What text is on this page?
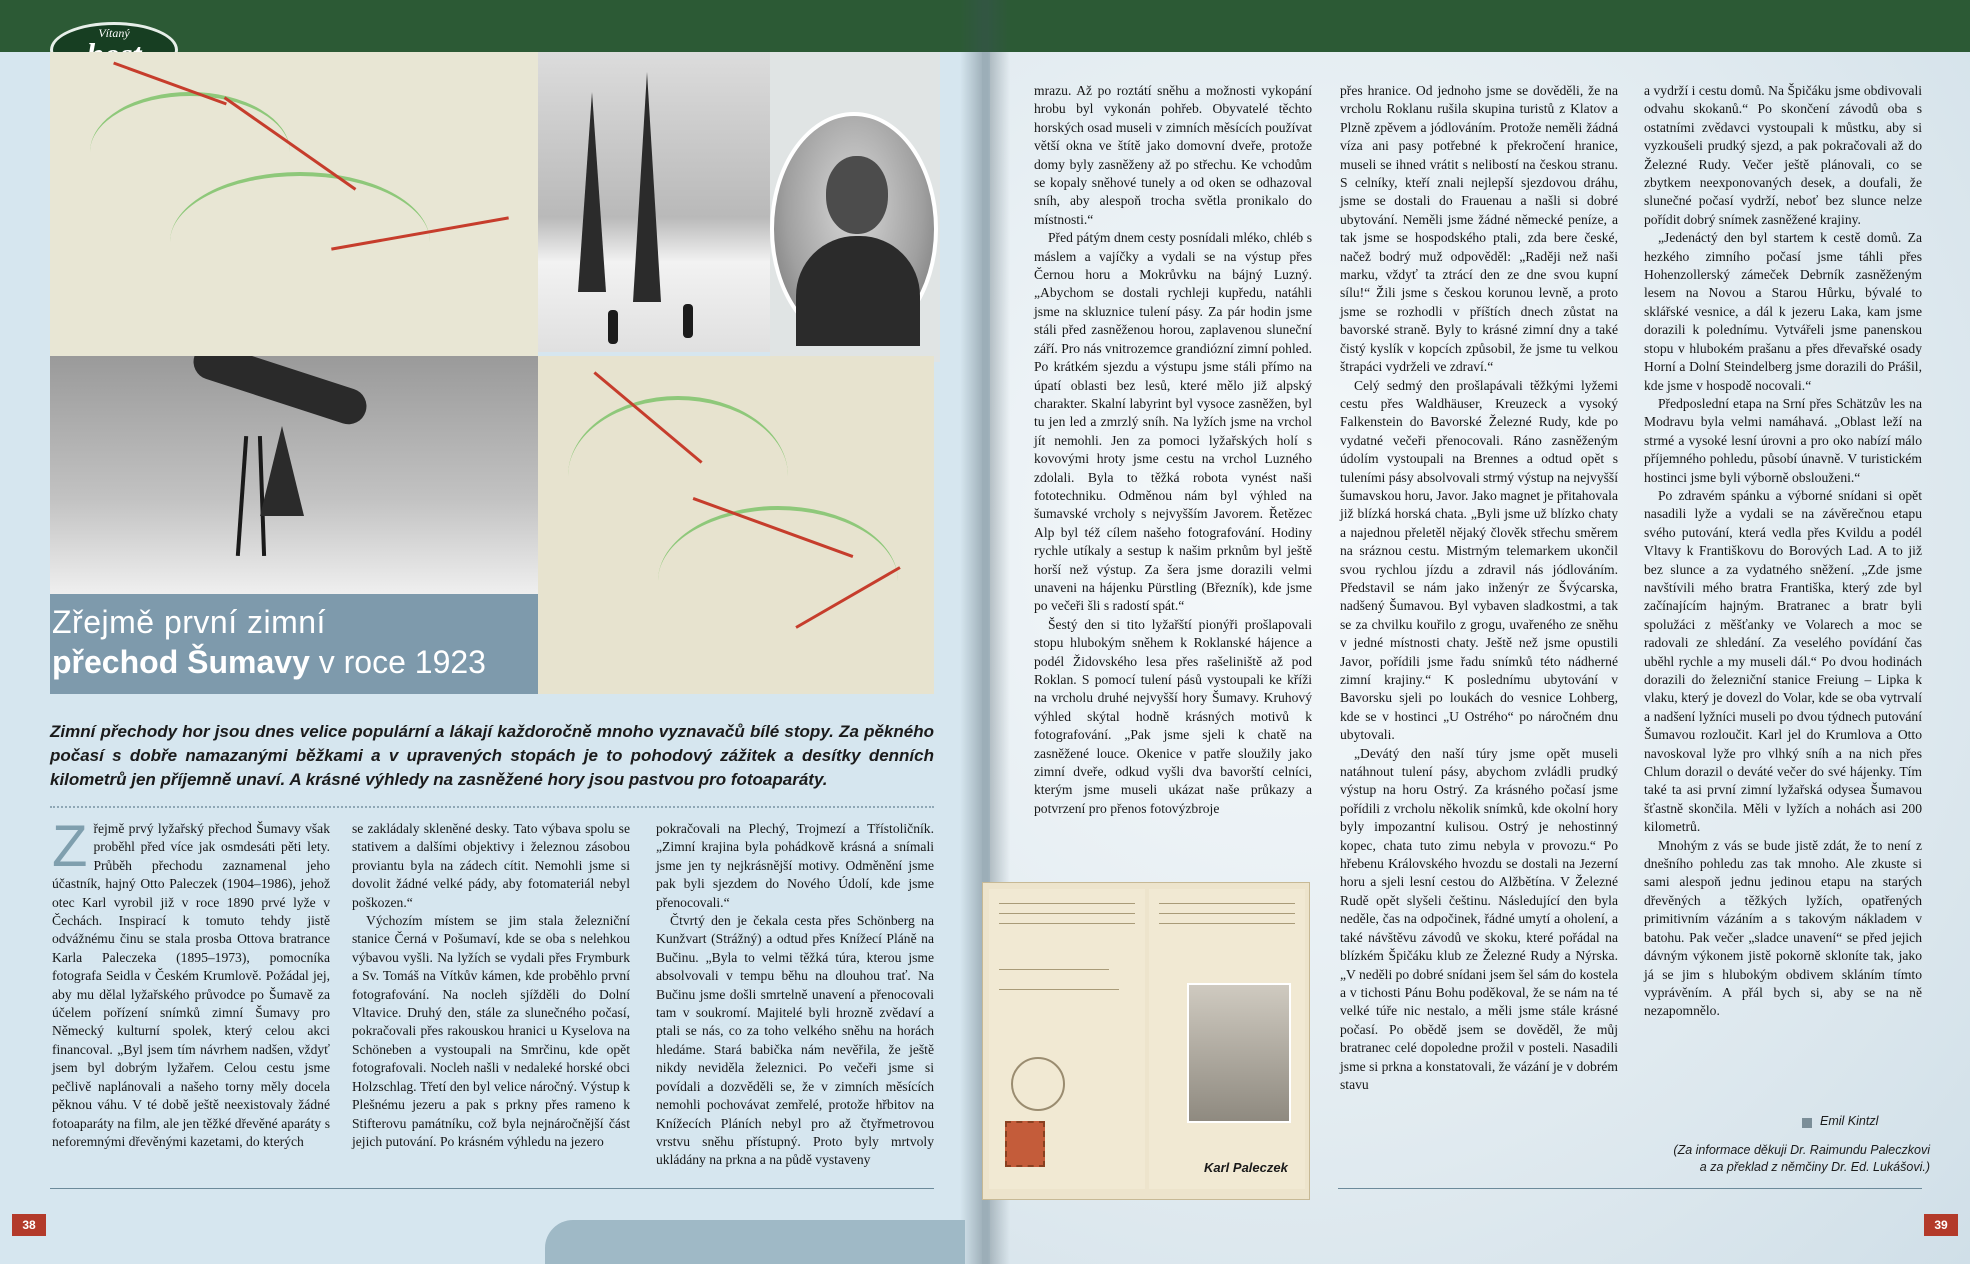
Vítaný
Zřejmě první zimní
přechod Šumavy v roce 1923
Zimní přechody hor jsou dnes velice populární a lákají každoročně mnoho vyznavačů bílé stopy. Za pěkného počasí s dobře namazanými běžkami a v upravených stopách je to pohodový zážitek a desítky denních kilometrů jen příjemně unaví. A krásné výhledy na zasněžené hory jsou pastvou pro fotoaparáty.

Zřejmě prvý lyžařský přechod Šumavy však proběhl před více jak osmdesáti pěti lety. Průběh přechodu zaznamenal jeho účastník, hajný Otto Paleczek (1904–1986), jehož otec Karl vyrobil již v roce 1890 prvé lyže v Čechách. Inspirací k tomuto tehdy jistě odvážnému činu se stala prosba Ottova bratrance Karla Paleczeka (1895–1973), pomocníka fotografa Seidla v Českém Krumlově. Požádal jej, aby mu dělal lyžařského průvodce po Šumavě za účelem pořízení snímků zimní Šumavy pro Německý kulturní spolek, který celou akci financoval. „Byl jsem tím návrhem nadšen, vždyť jsem byl dobrým lyžařem. Celou cestu jsme pečlivě naplánovali a našeho torny měly docela pěknou váhu. V té době ještě neexistovaly žádné fotoaparáty na film, ale jen těžké dřevěné aparáty s neforemnými dřevěnými kazetami, do kterých

se zakládaly skleněné desky. Tato výbava spolu se stativem a dalšími objektivy i železnou zásobou proviantu byla na zádech cítit. Nemohli jsme si dovolit žádné velké pády, aby fotomateriál nebyl poškozen.“

Výchozím místem se jim stala železniční stanice Černá v Pošumaví, kde se oba s nelehkou výbavou vyšli. Na lyžích se vydali přes Frymburk a Sv. Tomáš na Vítkův kámen, kde proběhlo první fotografování. Na nocleh sjížděli do Dolní Vltavice. Druhý den, stále za slunečného počasí, pokračovali přes rakouskou hranici u Kyselova na Schöneben a vystoupali na Smrčinu, kde opět fotografovali. Nocleh našli v nedaleké horské obci Holzschlag. Třetí den byl velice náročný. Výstup k Plešnému jezeru a pak s prkny přes rameno k Stifterovu památníku, což byla nejnáročnější část jejich putování. Po krásném výhledu na jezero

pokračovali na Plechý, Trojmezí a Třístoličník. „Zimní krajina byla pohádkově krásná a snímali jsme jen ty nejkrásnější motivy. Odměnění jsme pak byli sjezdem do Nového Údolí, kde jsme přenocovali.“

Čtvrtý den je čekala cesta přes Schönberg na Kunžvart (Strážný) a odtud přes Knížecí Pláně na Bučinu. „Byla to velmi těžká túra, kterou jsme absolvovali v tempu běhu na dlouhou trať. Na Bučinu jsme došli smrtelně unavení a přenocovali tam v soukromí. Majitelé byli hrozně zvědaví a ptali se nás, co za toho velkého sněhu na horách hledáme. Stará babička nám nevěřila, že ještě nikdy neviděla železnici. Po večeři jsme si povídali a dozvěděli se, že v zimních měsících nemohli pochovávat zemřelé, protože hřbitov na Knížecích Pláních nebyl pro až čtyřmetrovou vrstvu sněhu přístupný. Proto byly mrtvoly ukládány na prkna a na půdě vystaveny

mrazu. Až po roztátí sněhu a možnosti vykopání hrobu byl vykonán pohřeb. Obyvatelé těchto horských osad museli v zimních měsících používat větší okna ve štítě jako domovní dveře, protože domy byly zasněženy až po střechu. Ke vchodům se kopaly sněhové tunely a od oken se odhazoval sníh, aby alespoň trocha světla pronikalo do místnosti.“

Před pátým dnem cesty posnídali mléko, chléb s máslem a vajíčky a vydali se na výstup přes Černou horu a Mokrůvku na bájný Luzný. „Abychom se dostali rychleji kupředu, natáhli jsme na skluznice tulení pásy. Za pár hodin jsme stáli před zasněženou horou, zaplavenou sluneční září. Pro nás vnitrozemce grandiózní zimní pohled. Po krátkém sjezdu a výstupu jsme stáli přímo na úpatí oblasti bez lesů, které mělo již alpský charakter. Skalní labyrint byl vysoce zasněžen, byl tu jen led a zmrzlý sníh. Na lyžích jsme na vrchol jít nemohli. Jen za pomoci lyžařských holí s kovovými hroty jsme cestu na vrchol Luzného zdolali. Byla to těžká robota vynést naši fototechniku. Odměnou nám byl výhled na šumavské vrcholy s nejvyšším Javorem. Řetězec Alp byl též cílem našeho fotografování. Hodiny rychle utíkaly a sestup k našim prknům byl ještě horší než výstup. Za šera jsme dorazili velmi unaveni na hájenku Pürstling (Březník), kde jsme po večeři šli s radostí spát.“

Šestý den si tito lyžařští pionýři prošlapovali stopu hlubokým sněhem k Roklanské hájence a podél Židovského lesa přes rašeliniště až pod Roklan. S pomocí tulení pásů vystoupali ke kříži na vrcholu druhé nejvyšší hory Šumavy. Kruhový výhled skýtal hodně krásných motivů k fotografování. „Pak jsme sjeli k chatě na zasněžené louce. Okenice v patře sloužily jako zimní dveře, odkud vyšli dva bavorští celníci, kterým jsme museli ukázat naše průkazy a potvrzení pro přenos fotovýzbroje

přes hranice. Od jednoho jsme se dověděli, že na vrcholu Roklanu rušila skupina turistů z Klatov a Plzně zpěvem a jódlováním. Protože neměli žádná víza ani pasy potřebné k překročení hranice, museli se ihned vrátit s nelibostí na českou stranu. S celníky, kteří znali nejlepší sjezdovou dráhu, jsme se dostali do Frauenau a našli si dobré ubytování. Neměli jsme žádné německé peníze, a tak jsme se hospodského ptali, zda bere české, načež bodrý muž odpověděl: „Raději než naši marku, vždyť ta ztrácí den ze dne svou kupní sílu!“ Žili jsme s českou korunou levně, a proto jsme se rozhodli v příštích dnech zůstat na bavorské straně. Byly to krásné zimní dny a také čistý kyslík v kopcích způsobil, že jsme tu velkou štrapáci vydrželi ve zdraví.“

Celý sedmý den prošlapávali těžkými lyžemi cestu přes Waldhäuser, Kreuzeck a vysoký Falkenstein do Bavorské Železné Rudy, kde po vydatné večeři přenocovali. Ráno zasněženým údolím vystoupali na Brennes a odtud opět s tuleními pásy absolvovali strmý výstup na nejvyšší šumavskou horu, Javor. Jako magnet je přitahovala již blízká horská chata. „Byli jsme už blízko chaty a najednou přeletěl nějaký člověk střechu směrem na sráznou cestu. Mistrným telemarkem ukončil svou rychlou jízdu a zdravil nás jódlováním. Představil se nám jako inženýr ze Švýcarska, nadšený Šumavou. Byl vybaven sladkostmi, a tak se za chvilku kouřilo z grogu, uvařeného ze sněhu v jedné místnosti chaty. Ještě než jsme opustili Javor, pořídili jsme řadu snímků této nádherné zimní krajiny.“ K poslednímu ubytování v Bavorsku sjeli po loukách do vesnice Lohberg, kde se v hostinci „U Ostrého“ po náročném dnu ubytovali.

„Devátý den naší túry jsme opět museli natáhnout tulení pásy, abychom zvládli prudký výstup na horu Ostrý. Za krásného počasí jsme pořídili z vrcholu několik snímků, kde okolní hory byly impozantní kulisou. Ostrý je nehostinný kopec, chata tuto zimu nebyla v provozu.“ Po hřebenu Královského hvozdu se dostali na Jezerní horu a sjeli lesní cestou do Alžbětína. V Železné Rudě opět slyšeli češtinu. Následující den byla neděle, čas na odpočinek, řádné umytí a oholení, a také návštěvu závodů ve skoku, které pořádal na blízkém Špičáku klub ze Železné Rudy a Nýrska. „V neděli po dobré snídani jsem šel sám do kostela a v tichosti Pánu Bohu poděkoval, že se nám na té velké túře nic nestalo, a měli jsme stále krásné počasí. Po obědě jsem se dověděl, že můj bratranec celé dopoledne prožil v posteli. Nasadili jsme si prkna a konstatovali, že vázání je v dobrém stavu

a vydrží i cestu domů. Na Špičáku jsme obdivovali odvahu skokanů.“ Po skončení závodů oba s ostatními zvědavci vystoupali k můstku, aby si vyzkoušeli prudký sjezd, a pak pokračovali až do Železné Rudy. Večer ještě plánovali, co se zbytkem neexponovaných desek, a doufali, že slunečné počasí vydrží, neboť bez slunce nelze pořídit dobrý snímek zasněžené krajiny.

„Jedenáctý den byl startem k cestě domů. Za hezkého zimního počasí jsme táhli přes Hohenzollerský zámeček Debrník zasněženým lesem na Novou a Starou Hůrku, bývalé to sklářské vesnice, a dál k jezeru Laka, kam jsme dorazili k polednímu. Vytvářeli jsme panenskou stopu v hlubokém prašanu a přes dřevařské osady Horní a Dolní Steindelberg jsme dorazili do Prášil, kde jsme v hospodě nocovali.“

Předposlední etapa na Srní přes Schätzův les na Modravu byla velmi namáhavá. „Oblast leží na strmé a vysoké lesní úrovni a pro oko nabízí málo příjemného pohledu, působí únavně. V turistickém hostinci jsme byli výborně obslouženi.“

Po zdravém spánku a výborné snídani si opět nasadili lyže a vydali se na závěrečnou etapu svého putování, která vedla přes Kvildu a podél Vltavy k Františkovu do Borových Lad. A to již bez slunce a za vydatného sněžení. „Zde jsme navštívili mého bratra Františka, který zde byl začínajícím hajným. Bratranec a bratr byli spolužáci z měšťanky ve Volarech a moc se radovali ze shledání. Za veselého povídání čas uběhl rychle a my museli dál.“ Po dvou hodinách dorazili do železniční stanice Freiung – Lipka k vlaku, který je dovezl do Volar, kde se oba vytrvalí a nadšení lyžníci museli po dvou týdnech putování Šumavou rozloučit. Karl jel do Krumlova a Otto navoskoval lyže pro vlhký sníh a na nich přes Chlum dorazil o deváté večer do své hájenky. Tím také ta asi první zimní lyžařská odysea Šumavou šťastně skončila. Měli v lyžích a nohách asi 200 kilometrů.

Mnohým z vás se bude jistě zdát, že to není z dnešního pohledu zas tak mnoho. Ale zkuste si sami alespoň jednu jedinou etapu na starých dřevěných a těžkých lyžích, opatřených primitivním vázáním a s takovým nákladem v batohu. Pak večer „sladce unavení“ se před jejich dávným výkonem jistě pokorně skloníte tak, jako já se jim s hlubokým obdivem skláním tímto vyprávěním. A přál bych si, aby se na ně nezapomnělo.

Karl Paleczek
Emil Kintzl
(Za informace děkuji Dr. Raimundu Paleczkovi
a za překlad z němčiny Dr. Ed. Lukášovi.)
38	39
